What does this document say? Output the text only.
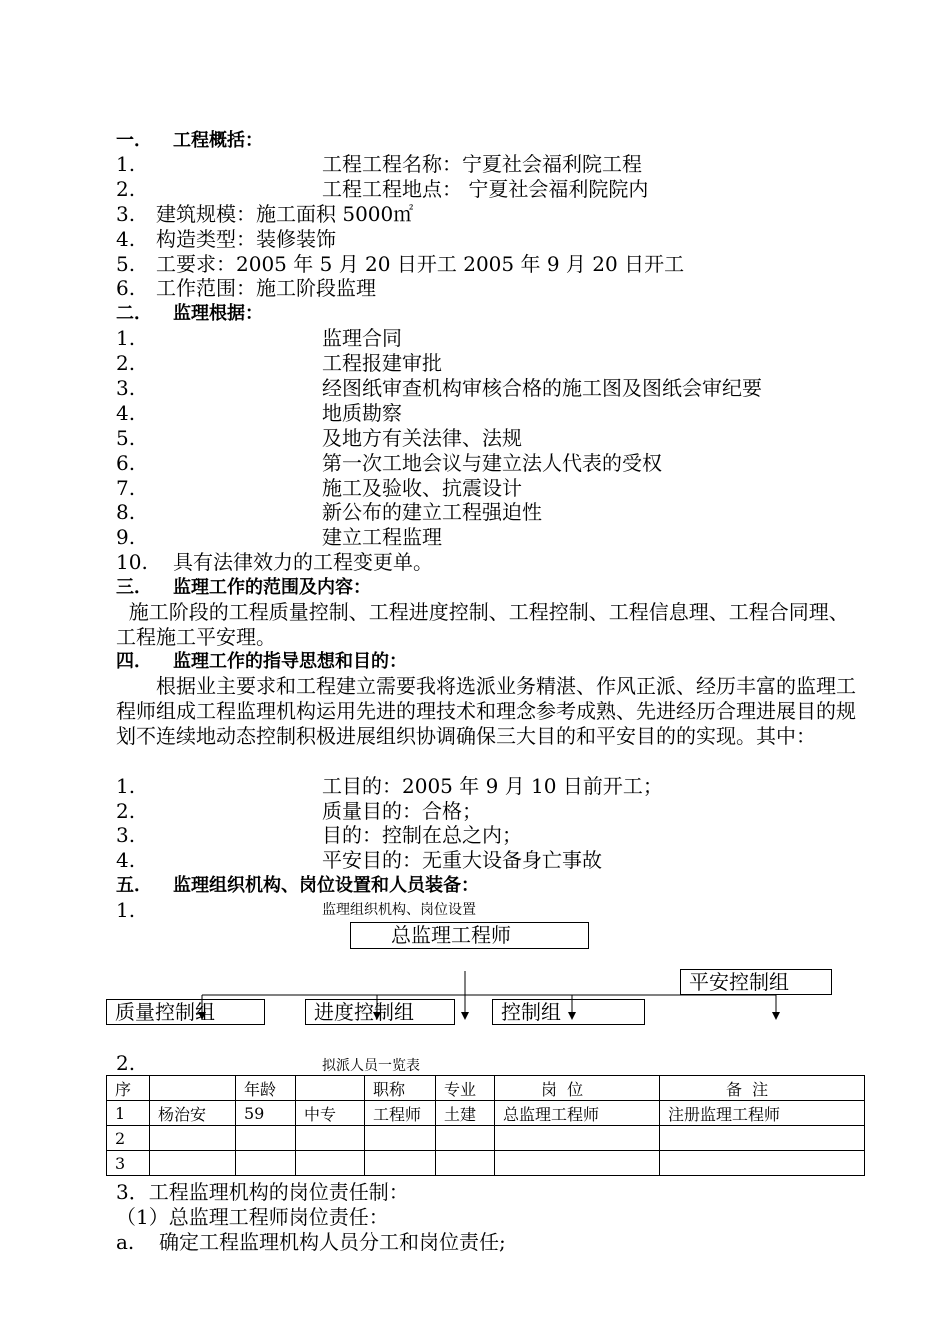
一． 工程概括：
1.	工程工程名称：宁夏社会福利院工程
2.	工程工程地点： 宁夏社会福利院院内
3. 建筑规模：施工面积 5000㎡
4. 构造类型：装修装饰
5. 工要求：2005 年 5 月 20 日开工 2005 年 9 月 20 日开工
6. 工作范围：施工阶段监理
二． 监理根据：
1.	监理合同
2.	工程报建审批
3.	经图纸审查机构审核合格的施工图及图纸会审纪要
4.	地质勘察
5.	及地方有关法律、法规
6.	第一次工地会议与建立法人代表的受权
7.	施工及验收、抗震设计
8.	新公布的建立工程强迫性
9.	建立工程监理
10. 具有法律效力的工程变更单。
三． 监理工作的范围及内容：
施工阶段的工程质量控制、工程进度控制、工程控制、工程信息理、工程合同理、工程施工平安理。
四． 监理工作的指导思想和目的：
　　根据业主要求和工程建立需要我将选派业务精湛、作风正派、经历丰富的监理工程师组成工程监理机构运用先进的理技术和理念参考成熟、先进经历合理进展目的规划不连续地动态控制积极进展组织协调确保三大目的和平安目的的实现。其中：
1.	工目的：2005 年 9 月 10 日前开工；
2.	质量目的：合格；
3.	目的：控制在总之内；
4.	平安目的：无重大设备身亡事故
五． 监理组织机构、岗位设置和人员装备：
1.	监理组织机构、岗位设置
总监理工程师
平安控制组
质量控制组	进度控制组	控制组
2.	拟派人员一览表
序		年龄		职称	专业	岗  位	备  注
1	杨治安	59	中专	工程师	土建	总监理工程师	注册监理工程师
2							
3							
3．工程监理机构的岗位责任制：
（1）总监理工程师岗位责任：
a. 确定工程监理机构人员分工和岗位责任;
